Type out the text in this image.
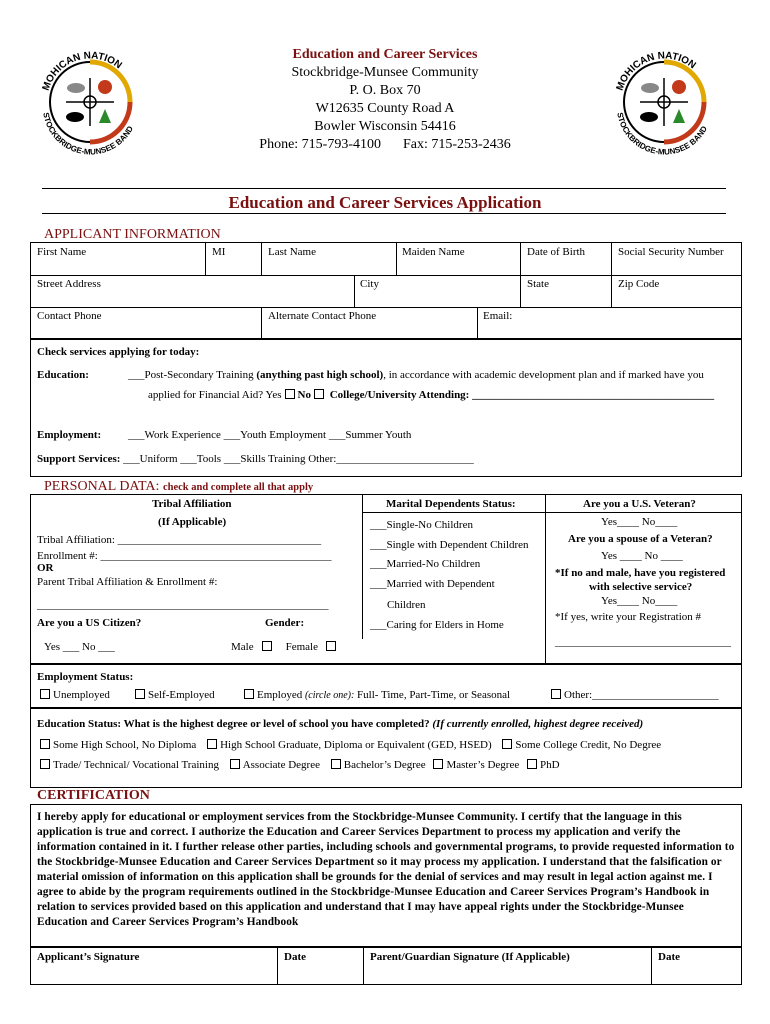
MOHICAN NATION
STOCKBRIDGE-MUNSEE BAND
MOHICAN NATION
STOCKBRIDGE-MUNSEE BAND
Education and Career Services
Stockbridge-Munsee Community
P. O. Box 70
W12635 County Road A
Bowler Wisconsin 54416
Phone: 715-793-4100 Fax: 715-253-2436
Education and Career Services Application
APPLICANT INFORMATION
First Name	MI	Last Name	Maiden Name	Date of Birth	Social Security Number
Street Address	City	State	Zip Code
Contact Phone	Alternate Contact Phone	Email:
Check services applying for today:
Education:	___Post-Secondary Training (anything past high school), in accordance with academic development plan and if marked have you
applied for Financial Aid? Yes No College/University Attending: ____________________________________________
Employment: ___Work Experience ___Youth Employment ___Summer Youth
Support Services: ___Uniform ___Tools ___Skills Training Other:_________________________
PERSONAL DATA: check and complete all that apply
Tribal Affiliation
(If Applicable)
Tribal Affiliation: _____________________________________
Enrollment #: __________________________________________
OR
Parent Tribal Affiliation & Enrollment #:
_____________________________________________________
Are you a US Citizen?
Yes ___ No ___
Gender:
Male	Female
Marital Dependents Status:
___Single-No Children
___Single with Dependent Children
___Married-No Children
___Married with Dependent
Children
___Caring for Elders in Home
Are you a U.S. Veteran?
Yes____ No____
Are you a spouse of a Veteran?
Yes ____ No ____
*If no and male, have you registered
with selective service?
Yes____ No____
*If yes, write your Registration #
________________________________
Employment Status:
Unemployed	Self-Employed	Employed (circle one): Full- Time, Part-Time, or Seasonal	Other:_______________________
Education Status: What is the highest degree or level of school you have completed? (If currently enrolled, highest degree received)
Some High School, No Diploma High School Graduate, Diploma or Equivalent (GED, HSED) Some College Credit, No Degree
Trade/ Technical/ Vocational Training Associate Degree Bachelor’s Degree Master’s Degree PhD
CERTIFICATION
I hereby apply for educational or employment services from the Stockbridge-Munsee Community. I certify that the language in this application is true and correct. I authorize the Education and Career Services Department to process my application and verify the information contained in it. I further release other parties, including schools and governmental programs, to provide requested information to the Stockbridge-Munsee Education and Career Services Department so it may process my application. I understand that the falsification or material omission of information on this application shall be grounds for the denial of services and may result in legal action against me. I agree to abide by the program requirements outlined in the Stockbridge-Munsee Education and Career Services Program’s Handbook in relation to services provided based on this application and understand that I may have appeal rights under the Stockbridge-Munsee Education and Career Services Program’s Handbook
Applicant’s Signature	Date	Parent/Guardian Signature (If Applicable)	Date
